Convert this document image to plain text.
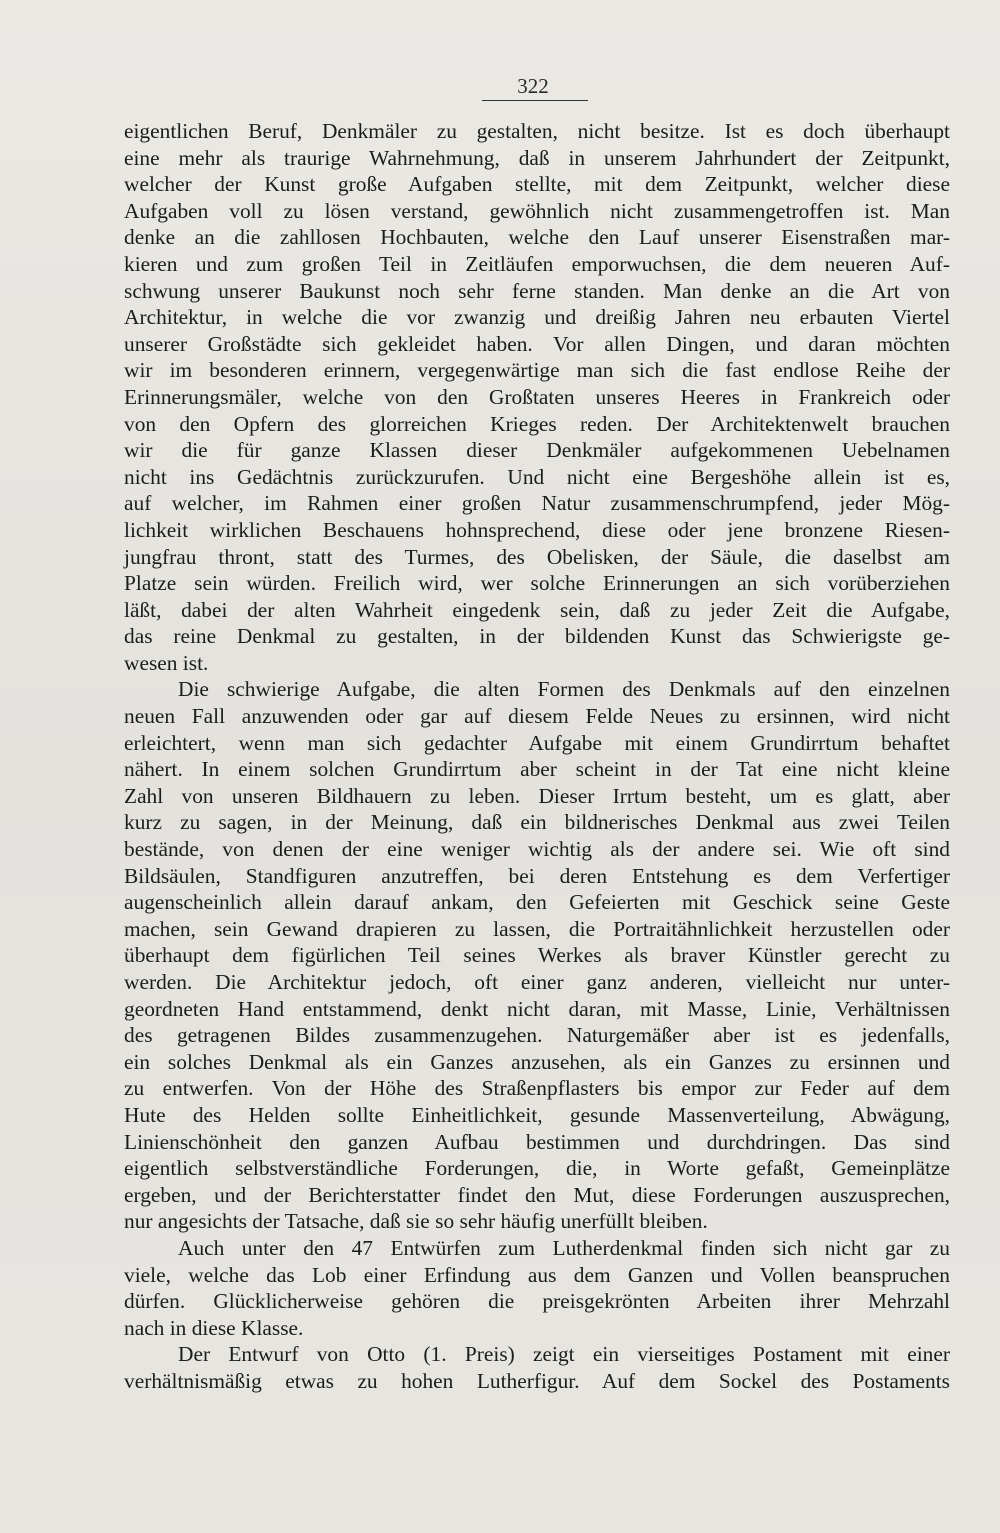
322
eigentlichen Beruf, Denkmäler zu gestalten, nicht besitze. Ist es doch überhaupt
eine mehr als traurige Wahrnehmung, daß in unserem Jahrhundert der Zeitpunkt,
welcher der Kunst große Aufgaben stellte, mit dem Zeitpunkt, welcher diese
Aufgaben voll zu lösen verstand, gewöhnlich nicht zusammengetroffen ist. Man
denke an die zahllosen Hochbauten, welche den Lauf unserer Eisenstraßen mar-
kieren und zum großen Teil in Zeitläufen emporwuchsen, die dem neueren Auf-
schwung unserer Baukunst noch sehr ferne standen. Man denke an die Art von
Architektur, in welche die vor zwanzig und dreißig Jahren neu erbauten Viertel
unserer Großstädte sich gekleidet haben. Vor allen Dingen, und daran möchten
wir im besonderen erinnern, vergegenwärtige man sich die fast endlose Reihe der
Erinnerungsmäler, welche von den Großtaten unseres Heeres in Frankreich oder
von den Opfern des glorreichen Krieges reden. Der Architektenwelt brauchen
wir die für ganze Klassen dieser Denkmäler aufgekommenen Uebelnamen
nicht ins Gedächtnis zurückzurufen. Und nicht eine Bergeshöhe allein ist es,
auf welcher, im Rahmen einer großen Natur zusammenschrumpfend, jeder Mög-
lichkeit wirklichen Beschauens hohnsprechend, diese oder jene bronzene Riesen-
jungfrau thront, statt des Turmes, des Obelisken, der Säule, die daselbst am
Platze sein würden. Freilich wird, wer solche Erinnerungen an sich vorüberziehen
läßt, dabei der alten Wahrheit eingedenk sein, daß zu jeder Zeit die Aufgabe,
das reine Denkmal zu gestalten, in der bildenden Kunst das Schwierigste ge-
wesen ist.
Die schwierige Aufgabe, die alten Formen des Denkmals auf den einzelnen
neuen Fall anzuwenden oder gar auf diesem Felde Neues zu ersinnen, wird nicht
erleichtert, wenn man sich gedachter Aufgabe mit einem Grundirrtum behaftet
nähert. In einem solchen Grundirrtum aber scheint in der Tat eine nicht kleine
Zahl von unseren Bildhauern zu leben. Dieser Irrtum besteht, um es glatt, aber
kurz zu sagen, in der Meinung, daß ein bildnerisches Denkmal aus zwei Teilen
bestände, von denen der eine weniger wichtig als der andere sei. Wie oft sind
Bildsäulen, Standfiguren anzutreffen, bei deren Entstehung es dem Verfertiger
augenscheinlich allein darauf ankam, den Gefeierten mit Geschick seine Geste
machen, sein Gewand drapieren zu lassen, die Portraitähnlichkeit herzustellen oder
überhaupt dem figürlichen Teil seines Werkes als braver Künstler gerecht zu
werden. Die Architektur jedoch, oft einer ganz anderen, vielleicht nur unter-
geordneten Hand entstammend, denkt nicht daran, mit Masse, Linie, Verhältnissen
des getragenen Bildes zusammenzugehen. Naturgemäßer aber ist es jedenfalls,
ein solches Denkmal als ein Ganzes anzusehen, als ein Ganzes zu ersinnen und
zu entwerfen. Von der Höhe des Straßenpflasters bis empor zur Feder auf dem
Hute des Helden sollte Einheitlichkeit, gesunde Massenverteilung, Abwägung,
Linienschönheit den ganzen Aufbau bestimmen und durchdringen. Das sind
eigentlich selbstverständliche Forderungen, die, in Worte gefaßt, Gemeinplätze
ergeben, und der Berichterstatter findet den Mut, diese Forderungen auszusprechen,
nur angesichts der Tatsache, daß sie so sehr häufig unerfüllt bleiben.
Auch unter den 47 Entwürfen zum Lutherdenkmal finden sich nicht gar zu
viele, welche das Lob einer Erfindung aus dem Ganzen und Vollen beanspruchen
dürfen. Glücklicherweise gehören die preisgekrönten Arbeiten ihrer Mehrzahl
nach in diese Klasse.
Der Entwurf von Otto (1. Preis) zeigt ein vierseitiges Postament mit einer
verhältnismäßig etwas zu hohen Lutherfigur. Auf dem Sockel des Postaments
